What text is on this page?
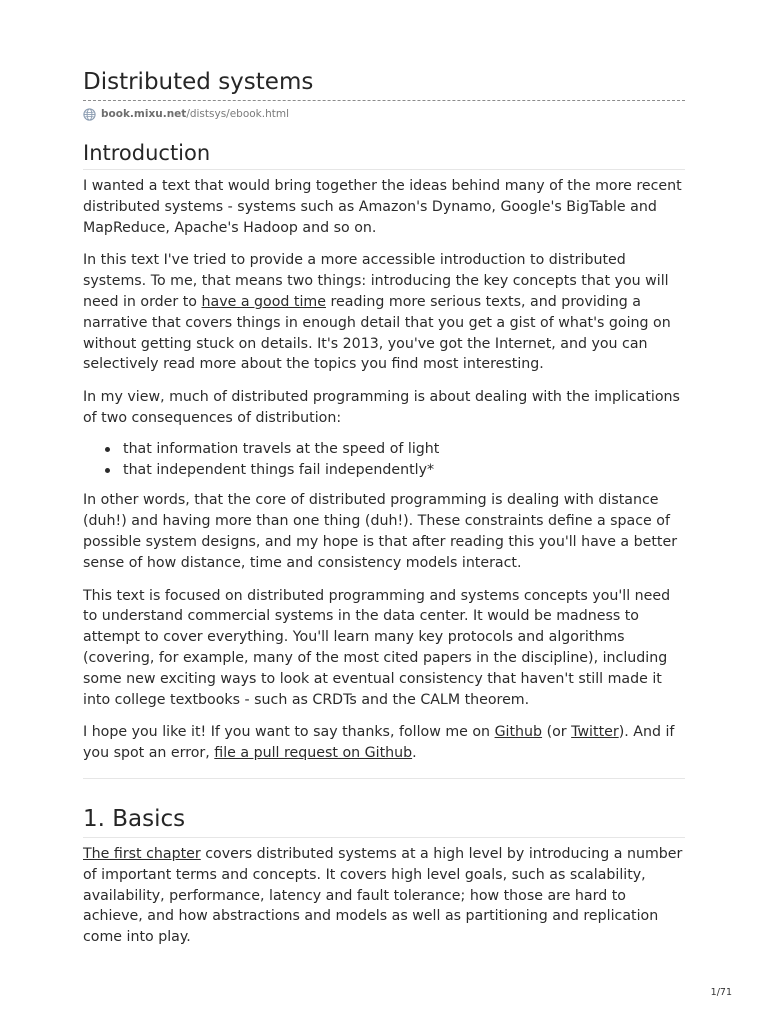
Distributed systems
book.mixu.net /distsys/ebook.html
Introduction

I wanted a text that would bring together the ideas behind many of the more recent distributed systems - systems such as Amazon's Dynamo, Google's BigTable and MapReduce, Apache's Hadoop and so on.

In this text I've tried to provide a more accessible introduction to distributed systems. To me, that means two things: introducing the key concepts that you will need in order to have a good time reading more serious texts, and providing a narrative that covers things in enough detail that you get a gist of what's going on without getting stuck on details. It's 2013, you've got the Internet, and you can selectively read more about the topics you find most interesting.

In my view, much of distributed programming is about dealing with the implications of two consequences of distribution:

that information travels at the speed of light
that independent things fail independently*

In other words, that the core of distributed programming is dealing with distance (duh!) and having more than one thing (duh!). These constraints define a space of possible system designs, and my hope is that after reading this you'll have a better sense of how distance, time and consistency models interact.

This text is focused on distributed programming and systems concepts you'll need to understand commercial systems in the data center. It would be madness to attempt to cover everything. You'll learn many key protocols and algorithms (covering, for example, many of the most cited papers in the discipline), including some new exciting ways to look at eventual consistency that haven't still made it into college textbooks - such as CRDTs and the CALM theorem.

I hope you like it! If you want to say thanks, follow me on Github (or Twitter). And if you spot an error, file a pull request on Github.

1. Basics

The first chapter covers distributed systems at a high level by introducing a number of important terms and concepts. It covers high level goals, such as scalability, availability, performance, latency and fault tolerance; how those are hard to achieve, and how abstractions and models as well as partitioning and replication come into play.

1/71
